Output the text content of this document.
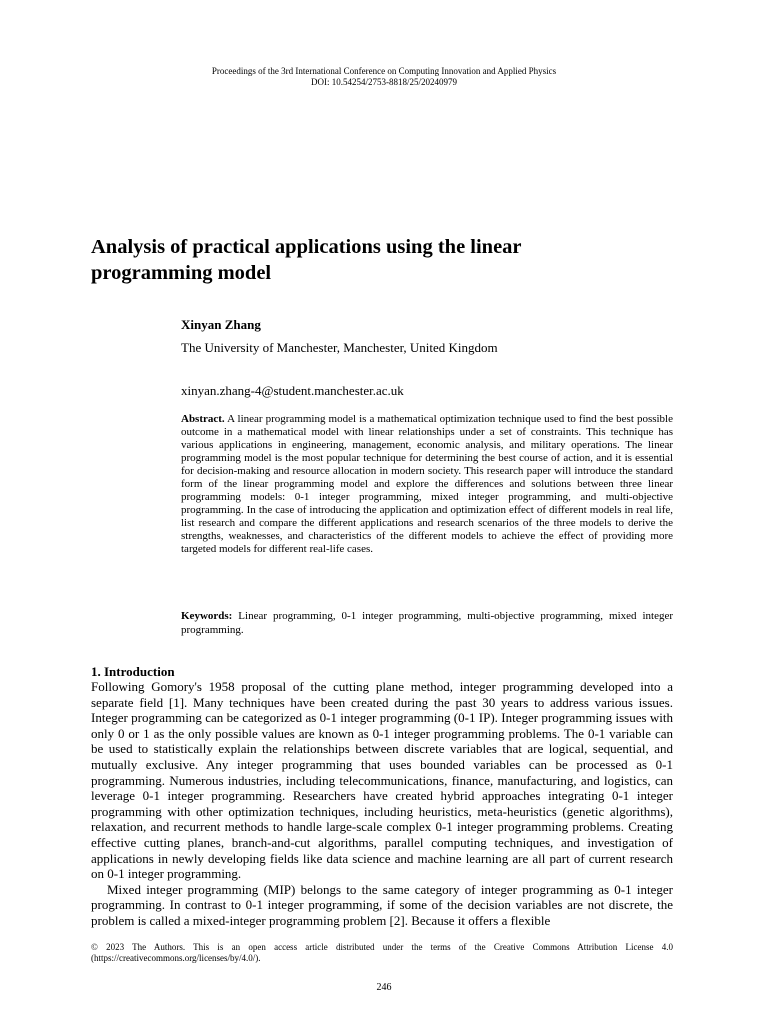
Proceedings of the 3rd International Conference on Computing Innovation and Applied Physics
DOI: 10.54254/2753-8818/25/20240979
Analysis of practical applications using the linear programming model
Xinyan Zhang
The University of Manchester, Manchester, United Kingdom
xinyan.zhang-4@student.manchester.ac.uk

Abstract. A linear programming model is a mathematical optimization technique used to find the best possible outcome in a mathematical model with linear relationships under a set of constraints. This technique has various applications in engineering, management, economic analysis, and military operations. The linear programming model is the most popular technique for determining the best course of action, and it is essential for decision-making and resource allocation in modern society. This research paper will introduce the standard form of the linear programming model and explore the differences and solutions between three linear programming models: 0-1 integer programming, mixed integer programming, and multi-objective programming. In the case of introducing the application and optimization effect of different models in real life, list research and compare the different applications and research scenarios of the three models to derive the strengths, weaknesses, and characteristics of the different models to achieve the effect of providing more targeted models for different real-life cases.

Keywords: Linear programming, 0-1 integer programming, multi-objective programming, mixed integer programming.

1. Introduction

Following Gomory's 1958 proposal of the cutting plane method, integer programming developed into a separate field [1]. Many techniques have been created during the past 30 years to address various issues. Integer programming can be categorized as 0-1 integer programming (0-1 IP). Integer programming issues with only 0 or 1 as the only possible values are known as 0-1 integer programming problems. The 0-1 variable can be used to statistically explain the relationships between discrete variables that are logical, sequential, and mutually exclusive. Any integer programming that uses bounded variables can be processed as 0-1 programming. Numerous industries, including telecommunications, finance, manufacturing, and logistics, can leverage 0-1 integer programming. Researchers have created hybrid approaches integrating 0-1 integer programming with other optimization techniques, including heuristics, meta-heuristics (genetic algorithms), relaxation, and recurrent methods to handle large-scale complex 0-1 integer programming problems. Creating effective cutting planes, branch-and-cut algorithms, parallel computing techniques, and investigation of applications in newly developing fields like data science and machine learning are all part of current research on 0-1 integer programming.

Mixed integer programming (MIP) belongs to the same category of integer programming as 0-1 integer programming. In contrast to 0-1 integer programming, if some of the decision variables are not discrete, the problem is called a mixed-integer programming problem [2]. Because it offers a flexible

© 2023 The Authors. This is an open access article distributed under the terms of the Creative Commons Attribution License 4.0 (https://creativecommons.org/licenses/by/4.0/).
246
